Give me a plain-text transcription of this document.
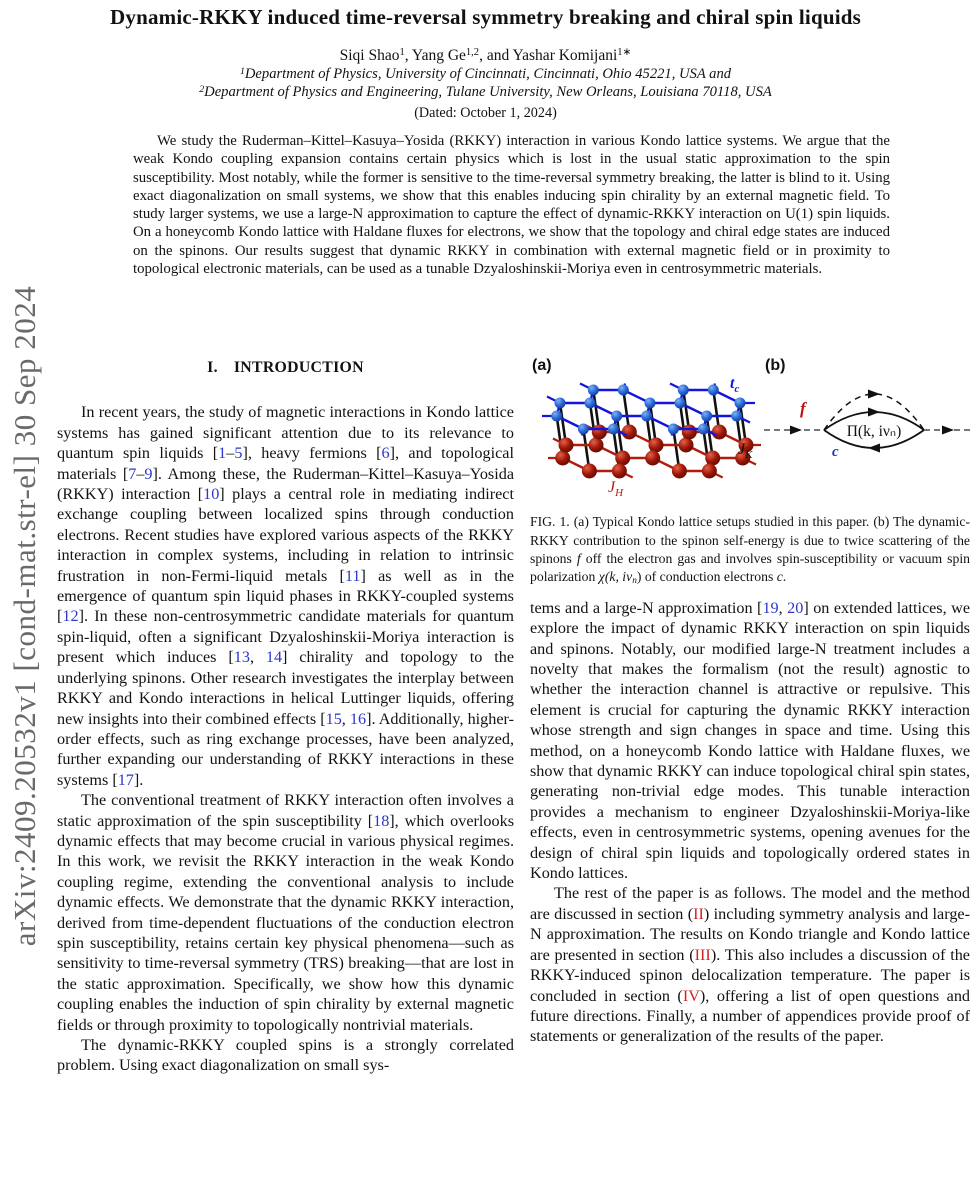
arXiv:2409.20532v1 [cond-mat.str-el] 30 Sep 2024
Dynamic-RKKY induced time-reversal symmetry breaking and chiral spin liquids
Siqi Shao$^1$, Yang Ge$^{1,2}$, and Yashar Komijani$^{1∗}$
$^1$Department of Physics, University of Cincinnati, Cincinnati, Ohio 45221, USA and
$^2$Department of Physics and Engineering, Tulane University, New Orleans, Louisiana 70118, USA
(Dated: October 1, 2024)
We study the Ruderman–Kittel–Kasuya–Yosida (RKKY) interaction in various Kondo lattice systems. We argue that the weak Kondo coupling expansion contains certain physics which is lost in the usual static approximation to the spin susceptibility. Most notably, while the former is sensitive to the time-reversal symmetry breaking, the latter is blind to it. Using exact diagonalization on small systems, we show that this enables inducing spin chirality by an external magnetic field. To study larger systems, we use a large-N approximation to capture the effect of dynamic-RKKY interaction on U(1) spin liquids. On a honeycomb Kondo lattice with Haldane fluxes for electrons, we show that the topology and chiral edge states are induced on the spinons. Our results suggest that dynamic RKKY in combination with external magnetic field or in proximity to topological electronic materials, can be used as a tunable Dzyaloshinskii-Moriya even in centrosymmetric materials.
I. INTRODUCTION

In recent years, the study of magnetic interactions in Kondo lattice systems has gained significant attention due to its relevance to quantum spin liquids [1–5], heavy fermions [6], and topological materials [7–9]. Among these, the Ruderman–Kittel–Kasuya–Yosida (RKKY) interaction [10] plays a central role in mediating indirect exchange coupling between localized spins through conduction electrons. Recent studies have explored various aspects of the RKKY interaction in complex systems, including in relation to intrinsic frustration in non-Fermi-liquid metals [11] as well as in the emergence of quantum spin liquid phases in RKKY-coupled systems [12]. In these non-centrosymmetric candidate materials for quantum spin-liquid, often a significant Dzyaloshinskii-Moriya interaction is present which induces [13, 14] chirality and topology to the underlying spinons. Other research investigates the interplay between RKKY and Kondo interactions in helical Luttinger liquids, offering new insights into their combined effects [15, 16]. Additionally, higher-order effects, such as ring exchange processes, have been analyzed, further expanding our understanding of RKKY interactions in these systems [17].

The conventional treatment of RKKY interaction often involves a static approximation of the spin susceptibility [18], which overlooks dynamic effects that may become crucial in various physical regimes. In this work, we revisit the RKKY interaction in the weak Kondo coupling regime, extending the conventional analysis to include dynamic effects. We demonstrate that the dynamic RKKY interaction, derived from time-dependent fluctuations of the conduction electron spin susceptibility, retains certain key physical phenomena—such as sensitivity to time-reversal symmetry (TRS) breaking—that are lost in the static approximation. Specifically, we show how this dynamic coupling enables the induction of spin chirality by external magnetic fields or through proximity to topologically nontrivial materials.

The dynamic-RKKY coupled spins is a strongly correlated problem. Using exact diagonalization on small sys-

(a)
$t_c$
$J_K$
$J_H$
(b)
f
Π(k, iνₙ)
c
FIG. 1. (a) Typical Kondo lattice setups studied in this paper. (b) The dynamic-RKKY contribution to the spinon self-energy is due to twice scattering of the spinons f off the electron gas and involves spin-susceptibility or vacuum spin polarization χ(k, iνn) of conduction electrons c.

tems and a large-N approximation [19, 20] on extended lattices, we explore the impact of dynamic RKKY interaction on spin liquids and spinons. Notably, our modified large-N treatment includes a novelty that makes the formalism (not the result) agnostic to whether the interaction channel is attractive or repulsive. This element is crucial for capturing the dynamic RKKY interaction whose strength and sign changes in space and time. Using this method, on a honeycomb Kondo lattice with Haldane fluxes, we show that dynamic RKKY can induce topological chiral spin states, generating non-trivial edge modes. This tunable interaction provides a mechanism to engineer Dzyaloshinskii-Moriya-like effects, even in centrosymmetric systems, opening avenues for the design of chiral spin liquids and topologically ordered states in Kondo lattices.

The rest of the paper is as follows. The model and the method are discussed in section (II) including symmetry analysis and large-N approximation. The results on Kondo triangle and Kondo lattice are presented in section (III). This also includes a discussion of the RKKY-induced spinon delocalization temperature. The paper is concluded in section (IV), offering a list of open questions and future directions. Finally, a number of appendices provide proof of statements or generalization of the results of the paper.
